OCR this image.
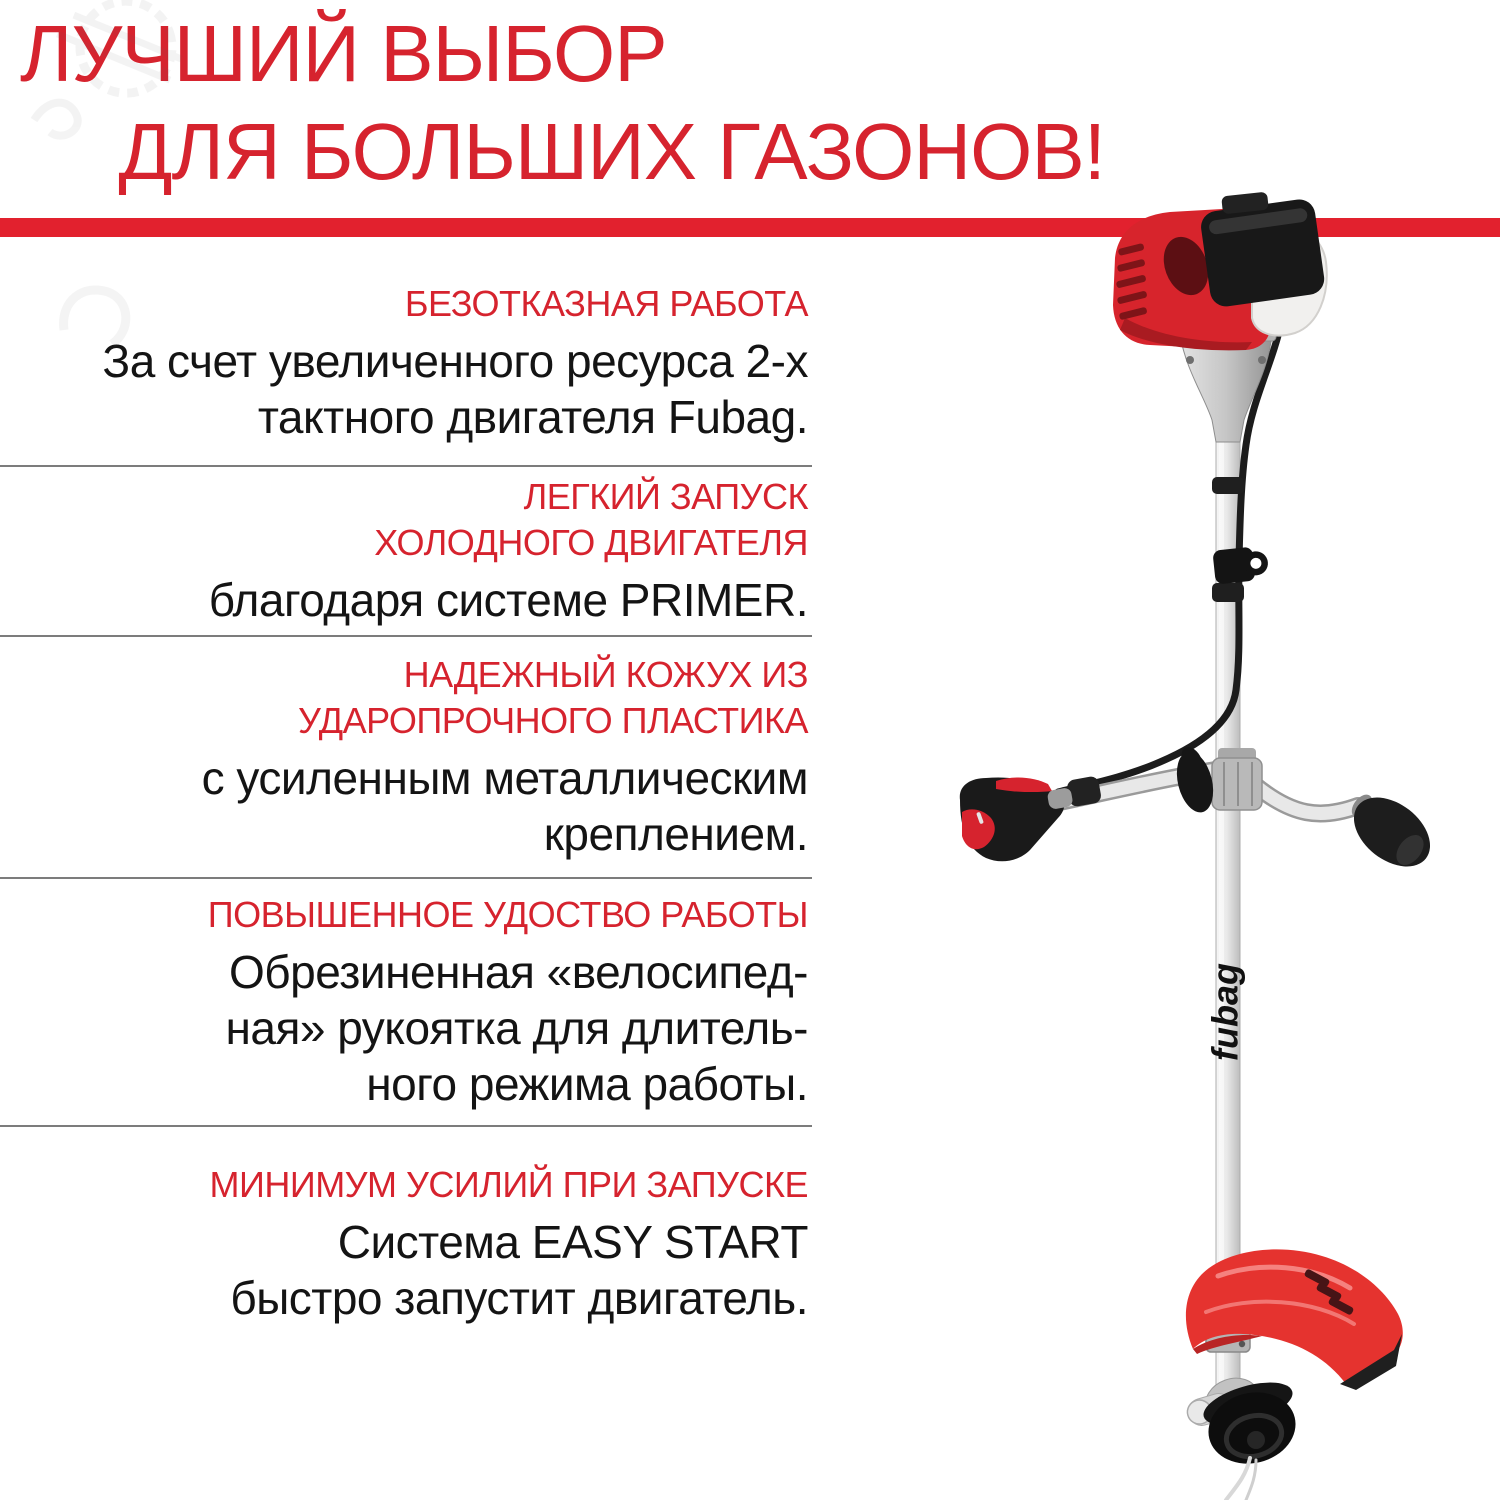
ЛУЧШИЙ ВЫБОР
ДЛЯ БОЛЬШИХ ГАЗОНОВ!
БЕЗОТКАЗНАЯ РАБОТА
За счет увеличенного ресурса 2-х
тактного двигателя Fubag.
ЛЕГКИЙ ЗАПУСК
ХОЛОДНОГО ДВИГАТЕЛЯ
благодаря системе PRIMER.
НАДЕЖНЫЙ КОЖУХ ИЗ
УДАРОПРОЧНОГО ПЛАСТИКА
с усиленным металлическим
креплением.
ПОВЫШЕННОЕ УДОСТВО РАБОТЫ
Обрезиненная «велосипед-
ная» рукоятка для длитель-
ного режима работы.
МИНИМУМ УСИЛИЙ ПРИ ЗАПУСКЕ
Система EASY START
быстро запустит двигатель.
fubag
